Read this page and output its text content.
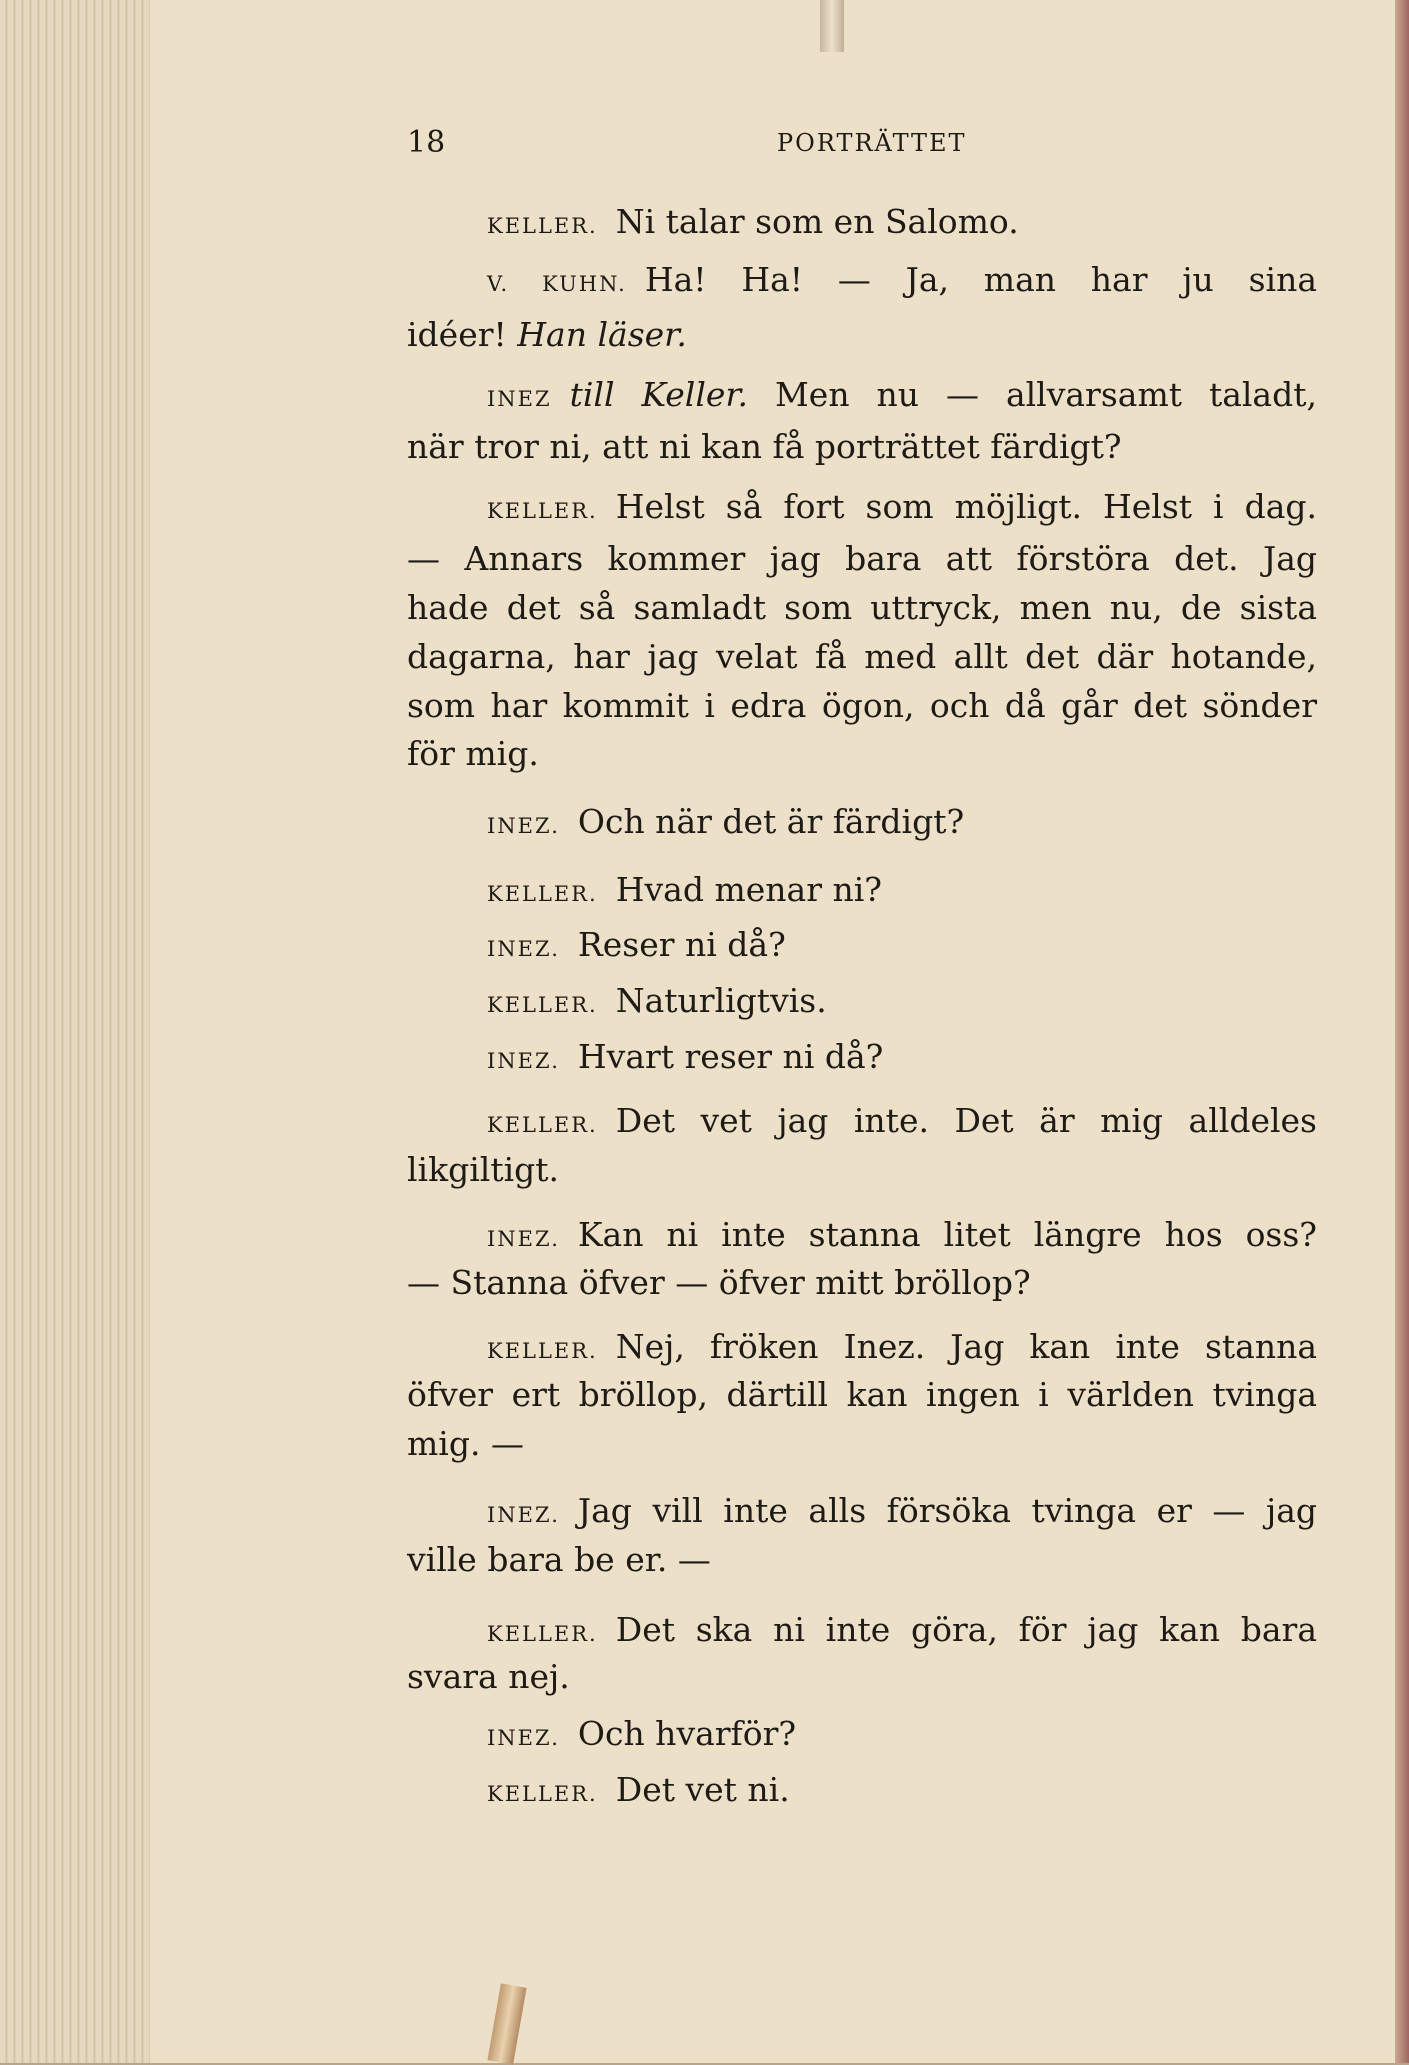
18	PORTRÄTTET
KELLER. Ni talar som en Salomo.
V. KUHN. Ha! Ha! — Ja, man har ju sina
idéer! Han läser.
INEZ till Keller. Men nu — allvarsamt taladt,
när tror ni, att ni kan få porträttet färdigt?
KELLER. Helst så fort som möjligt. Helst i dag.
— Annars kommer jag bara att förstöra det. Jag
hade det så samladt som uttryck, men nu, de sista
dagarna, har jag velat få med allt det där hotande,
som har kommit i edra ögon, och då går det sönder
för mig.
INEZ. Och när det är färdigt?
KELLER. Hvad menar ni?
INEZ. Reser ni då?
KELLER. Naturligtvis.
INEZ. Hvart reser ni då?
KELLER. Det vet jag inte. Det är mig alldeles
likgiltigt.
INEZ. Kan ni inte stanna litet längre hos oss?
— Stanna öfver — öfver mitt bröllop?
KELLER. Nej, fröken Inez. Jag kan inte stanna
öfver ert bröllop, därtill kan ingen i världen tvinga
mig. —
INEZ. Jag vill inte alls försöka tvinga er — jag
ville bara be er. —
KELLER. Det ska ni inte göra, för jag kan bara
svara nej.
INEZ. Och hvarför?
KELLER. Det vet ni.
